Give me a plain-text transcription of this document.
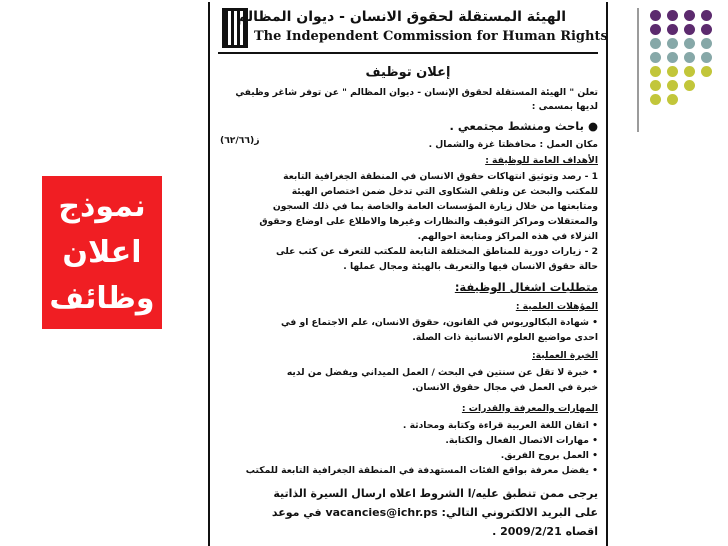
نموذج
اعلان
وظائف
الهيئة المستقلة لحقوق الانسان - ديوان المظالم
The Independent Commission for Human Rights
إعلان توظيف
تعلن " الهيئة المستقلة لحقوق الإنسان - ديوان المظالم " عن توفر شاغر وظيفي
لديها بمسمى :
● باحث ومنشط مجتمعي .
ز(٦٢/٦٦)	مكان العمل : محافظتا غزة والشمال .
الأهداف العامة للوظيفة :
1 - رصد وتوثيق انتهاكات حقوق الانسان في المنطقة الجغرافية التابعة
للمكتب والبحث عن وتلقي الشكاوى التي تدخل ضمن اختصاص الهيئة
ومتابعتها من خلال زيارة المؤسسات العامة والخاصة بما في ذلك السجون
والمعتقلات ومراكز التوقيف والنظارات وغيرها والاطلاع على اوضاع وحقوق
النزلاء في هذه المراكز ومتابعة احوالهم.
2 - زيارات دورية للمناطق المختلفة التابعة للمكتب للتعرف عن كثب على
حالة حقوق الانسان فيها والتعريف بالهيئة ومجال عملها .
متطلبات اشغال الوظيفة:
المؤهلات العلمية :
• شهادة البكالوريوس في القانون، حقوق الانسان، علم الاجتماع او في
احدى مواضيع العلوم الانسانية ذات الصلة.
الخبرة العملية:
• خبرة لا تقل عن سنتين في البحث / العمل الميداني ويفضل من لديه
خبرة في العمل في مجال حقوق الانسان.
المهارات والمعرفة والقدرات :
• اتقان اللغة العربية قراءة وكتابة ومحادثة .
• مهارات الاتصال الفعال والكتابة.
• العمل بروح الفريق.
• يفضل معرفة بواقع الفئات المستهدفة في المنطقة الجغرافية التابعة للمكتب
يرجى ممن تنطبق عليه/ا الشروط اعلاه ارسال السيرة الذاتية
على البريد الالكتروني التالي: vacancies@ichr.ps في موعد
اقصاه 2009/2/21 .
